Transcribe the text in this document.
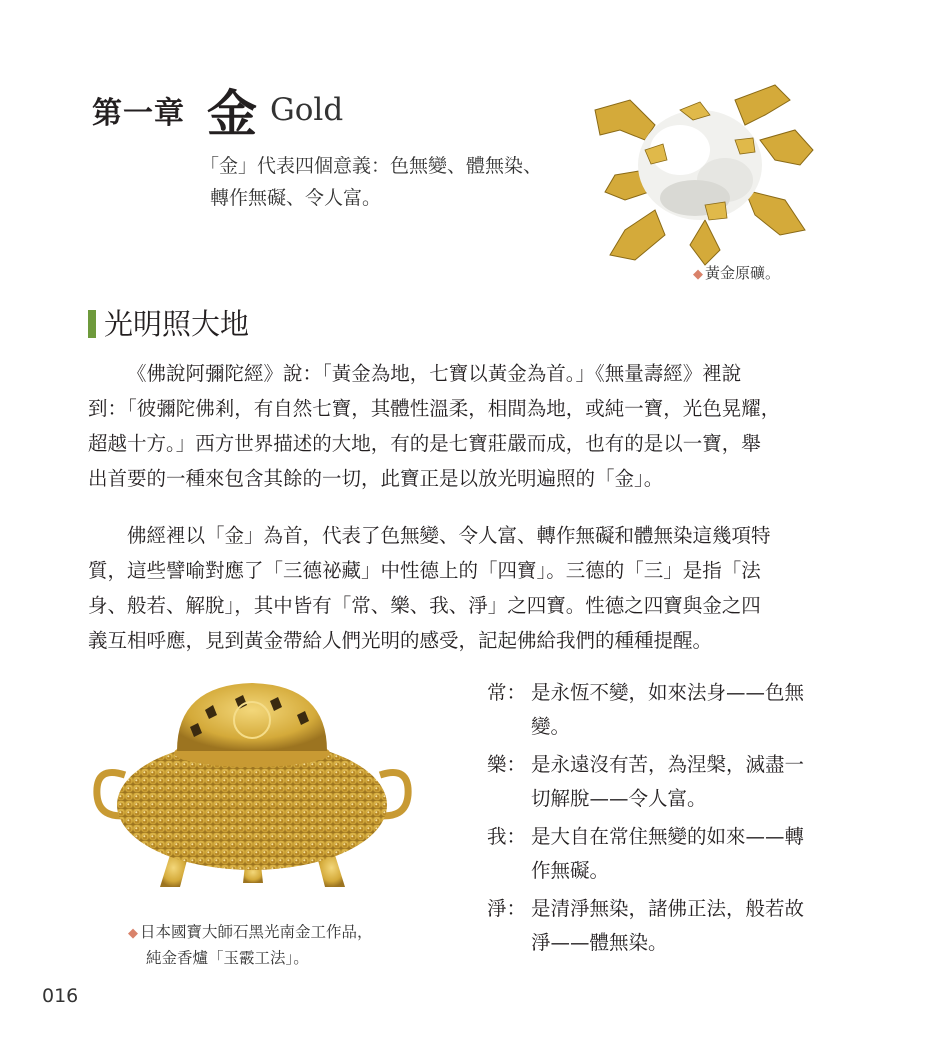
第一章 金 Gold

「金」代表四個意義：色無變、體無染、

轉作無礙、令人富。

◆ 黃金原礦。
光明照大地
《佛說阿彌陀經》說：「黃金為地，七寶以黃金為首。」《無量壽經》裡說
到：「彼彌陀佛剎，有自然七寶，其體性溫柔，相間為地，或純一寶，光色晃耀，
超越十方。」西方世界描述的大地，有的是七寶莊嚴而成，也有的是以一寶，舉
出首要的一種來包含其餘的一切，此寶正是以放光明遍照的「金」。
佛經裡以「金」為首，代表了色無變、令人富、轉作無礙和體無染這幾項特
質，這些譬喻對應了「三德祕藏」中性德上的「四寶」。三德的「三」是指「法
身、般若、解脫」，其中皆有「常、樂、我、淨」之四寶。性德之四寶與金之四
義互相呼應，見到黃金帶給人們光明的感受，記起佛給我們的種種提醒。
◆ 日本國寶大師石黑光南金工作品，
純金香爐「玉霰工法」。
常： 是永恆不變，如來法身——色無
變。
樂： 是永遠沒有苦，為涅槃，滅盡一
切解脫——令人富。
我： 是大自在常住無變的如來——轉
作無礙。
淨： 是清淨無染，諸佛正法，般若故
淨——體無染。
016
